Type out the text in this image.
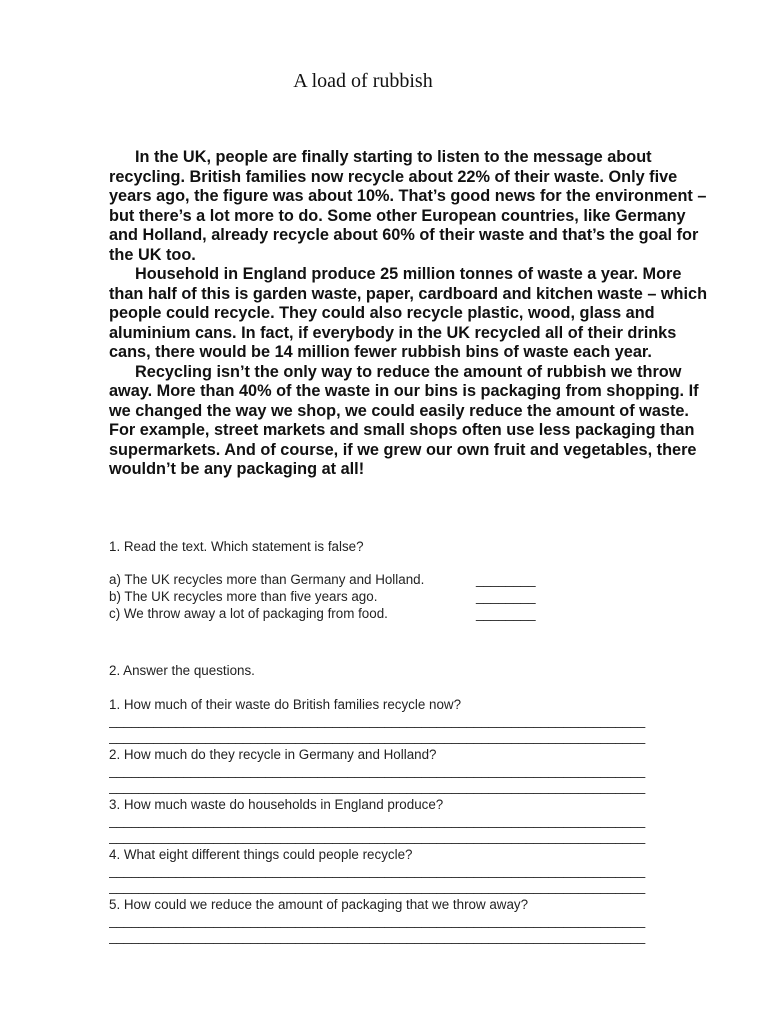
A load of rubbish

In the UK, people are finally starting to listen to the message about recycling. British families now recycle about 22% of their waste. Only five years ago, the figure was about 10%. That’s good news for the environment – but there’s a lot more to do. Some other European countries, like Germany and Holland, already recycle about 60% of their waste and that’s the goal for the UK too.

Household in England produce 25 million tonnes of waste a year. More than half of this is garden waste, paper, cardboard and kitchen waste – which people could recycle. They could also recycle plastic, wood, glass and aluminium cans. In fact, if everybody in the UK recycled all of their drinks cans, there would be 14 million fewer rubbish bins of waste each year.

Recycling isn’t the only way to reduce the amount of rubbish we throw away. More than 40% of the waste in our bins is packaging from shopping. If we changed the way we shop, we could easily reduce the amount of waste. For example, street markets and small shops often use less packaging than supermarkets. And of course, if we grew our own fruit and vegetables, there wouldn’t be any packaging at all!

1. Read the text. Which statement is false?
a) The UK recycles more than Germany and Holland.	________
b) The UK recycles more than five years ago.	________
c) We throw away a lot of packaging from food.	________
2. Answer the questions.
1. How much of their waste do British families recycle now?
________________________________________________________________________
________________________________________________________________________
2. How much do they recycle in Germany and Holland?
________________________________________________________________________
________________________________________________________________________
3. How much waste do households in England produce?
________________________________________________________________________
________________________________________________________________________
4. What eight different things could people recycle?
________________________________________________________________________
________________________________________________________________________
5. How could we reduce the amount of packaging that we throw away?
________________________________________________________________________
________________________________________________________________________
